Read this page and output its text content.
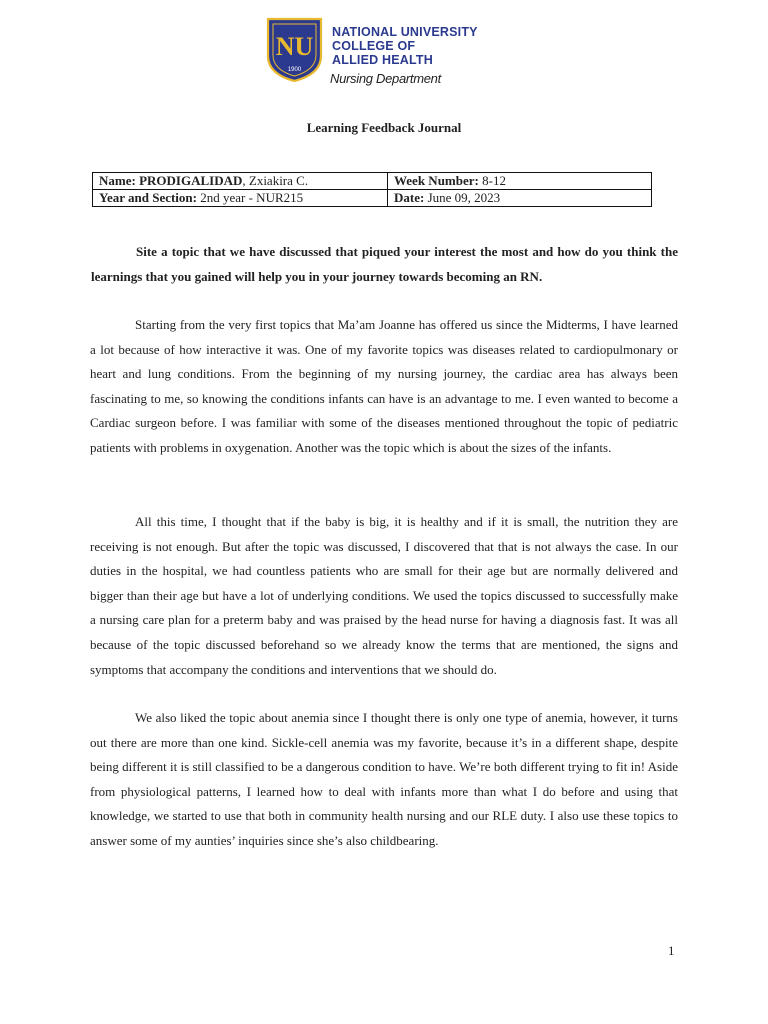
NU
1900
NATIONAL UNIVERSITY
COLLEGE OF
ALLIED HEALTH
Nursing Department
Learning Feedback Journal
Name: PRODIGALIDAD, Zxiakira C.	Week Number: 8-12
Year and Section: 2nd year - NUR215	Date: June 09, 2023

Site a topic that we have discussed that piqued your interest the most and how do you think the learnings that you gained will help you in your journey towards becoming an RN.

Starting from the very first topics that Ma’am Joanne has offered us since the Midterms, I have learned a lot because of how interactive it was. One of my favorite topics was diseases related to cardiopulmonary or heart and lung conditions. From the beginning of my nursing journey, the cardiac area has always been fascinating to me, so knowing the conditions infants can have is an advantage to me. I even wanted to become a Cardiac surgeon before. I was familiar with some of the diseases mentioned throughout the topic of pediatric patients with problems in oxygenation. Another was the topic which is about the sizes of the infants.

All this time, I thought that if the baby is big, it is healthy and if it is small, the nutrition they are receiving is not enough. But after the topic was discussed, I discovered that that is not always the case. In our duties in the hospital, we had countless patients who are small for their age but are normally delivered and bigger than their age but have a lot of underlying conditions. We used the topics discussed to successfully make a nursing care plan for a preterm baby and was praised by the head nurse for having a diagnosis fast. It was all because of the topic discussed beforehand so we already know the terms that are mentioned, the signs and symptoms that accompany the conditions and interventions that we should do.

We also liked the topic about anemia since I thought there is only one type of anemia, however, it turns out there are more than one kind. Sickle-cell anemia was my favorite, because it’s in a different shape, despite being different it is still classified to be a dangerous condition to have. We’re both different trying to fit in! Aside from physiological patterns, I learned how to deal with infants more than what I do before and using that knowledge, we started to use that both in community health nursing and our RLE duty. I also use these topics to answer some of my aunties’ inquiries since she’s also childbearing.

1
